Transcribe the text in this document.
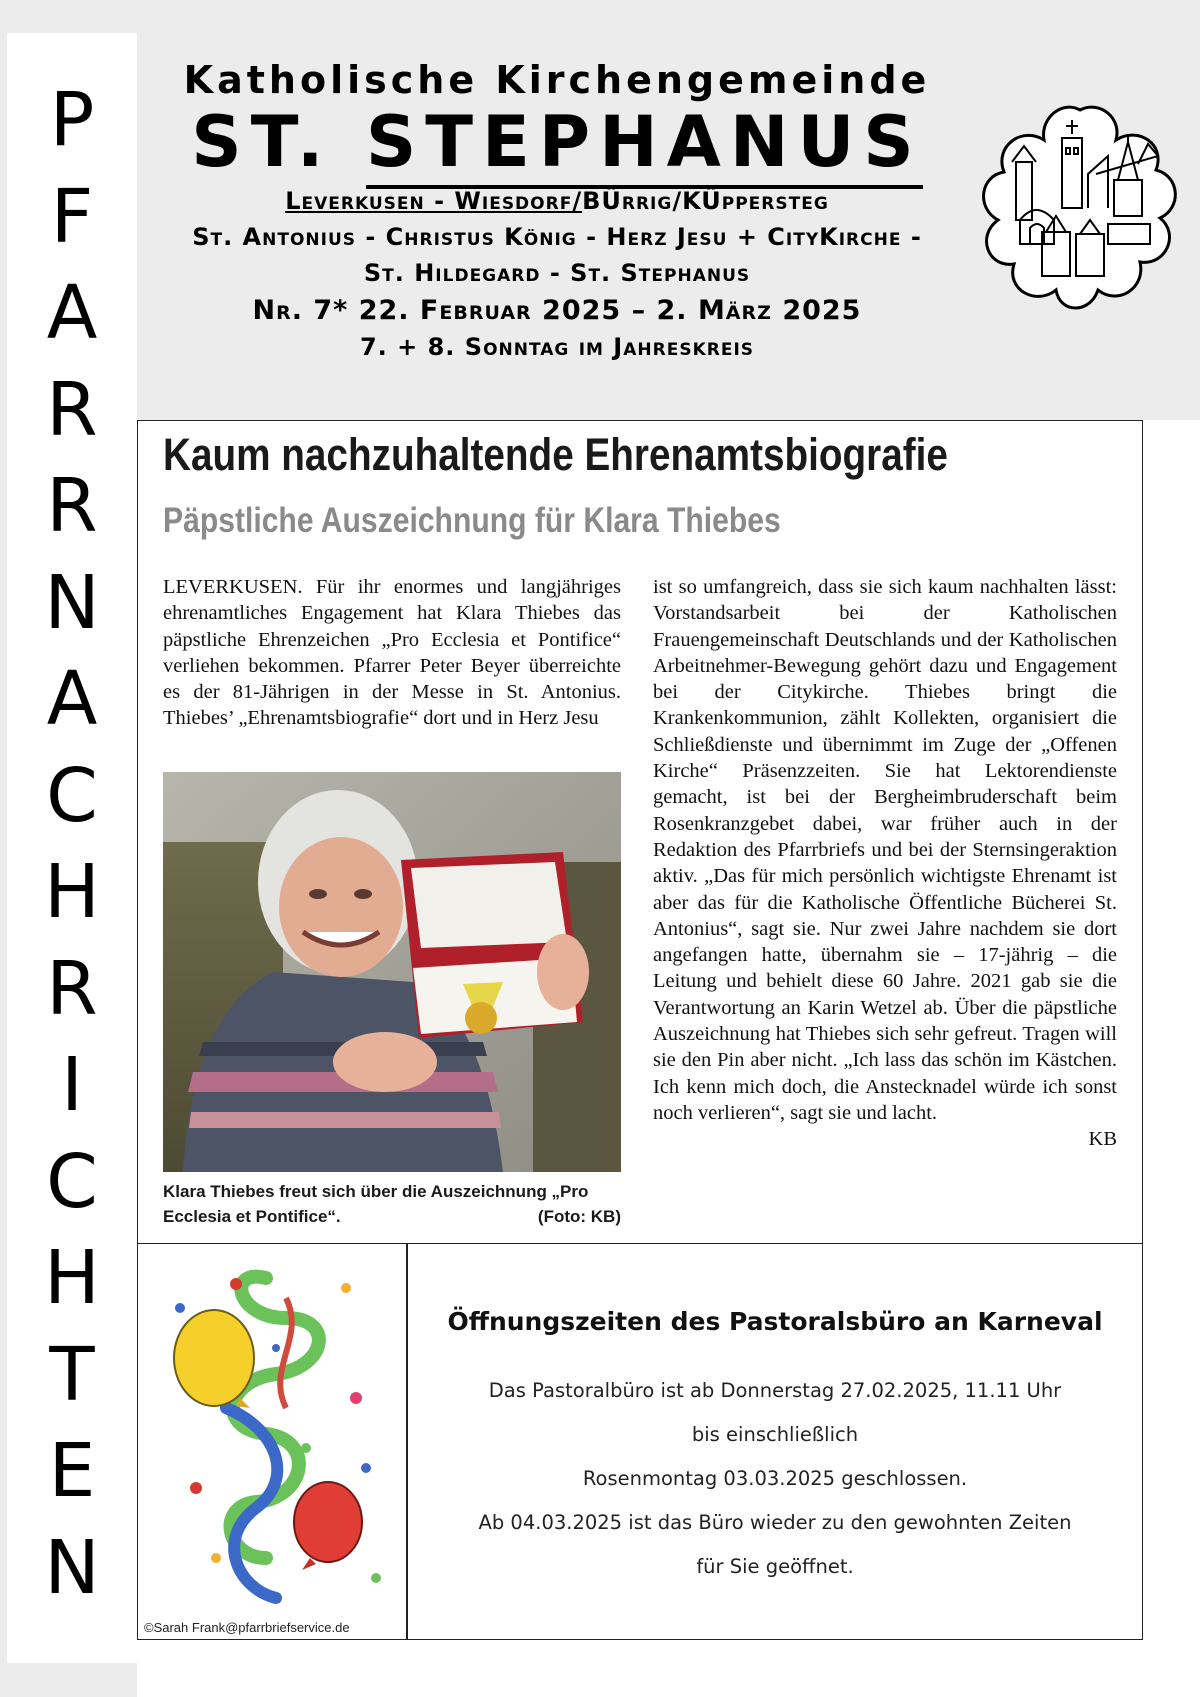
P
F
A
R
R
N
A
C
H
R
I
C
H
T
E
N
Katholische Kirchengemeinde
ST. STEPHANUS
Leverkusen - Wiesdorf/BÜrrig/KÜppersteg
St. Antonius - Christus König - Herz Jesu + CityKirche -
St. Hildegard - St. Stephanus
Nr. 7* 22. Februar 2025 – 2. März 2025
7. + 8. Sonntag im Jahreskreis
Kaum nachzuhaltende Ehrenamtsbiografie
Päpstliche Auszeichnung für Klara Thiebes
LEVERKUSEN. Für ihr enormes und langjähriges ehrenamtliches Engagement hat Klara Thiebes das päpstliche Ehrenzeichen „Pro Ecclesia et Pontifice“ verliehen bekommen. Pfarrer Peter Beyer überreichte es der 81-Jährigen in der Messe in St. Antonius. Thiebes’ „Ehrenamtsbiografie“ dort und in Herz Jesu
Klara Thiebes freut sich über die Auszeichnung „Pro Ecclesia et Pontifice“.	(Foto: KB)
ist so umfangreich, dass sie sich kaum nachhalten lässt: Vorstandsarbeit bei der Katholischen Frauengemeinschaft Deutschlands und der Katholischen Arbeitnehmer-Bewegung gehört dazu und Engagement bei der Citykirche. Thiebes bringt die Krankenkommunion, zählt Kollekten, organisiert die Schließdienste und übernimmt im Zuge der „Offenen Kirche“ Präsenzzeiten. Sie hat Lektorendienste gemacht, ist bei der Bergheimbruderschaft beim Rosenkranzgebet dabei, war früher auch in der Redaktion des Pfarrbriefs und bei der Sternsingeraktion aktiv. „Das für mich persönlich wichtigste Ehrenamt ist aber das für die Katholische Öffentliche Bücherei St. Antonius“, sagt sie. Nur zwei Jahre nachdem sie dort angefangen hatte, übernahm sie – 17-jährig – die Leitung und behielt diese 60 Jahre. 2021 gab sie die Verantwortung an Karin Wetzel ab. Über die päpstliche Auszeichnung hat Thiebes sich sehr gefreut. Tragen will sie den Pin aber nicht. „Ich lass das schön im Kästchen. Ich kenn mich doch, die Anstecknadel würde ich sonst noch verlieren“, sagt sie und lacht.
KB
©Sarah Frank@pfarrbriefservice.de
Öffnungszeiten des Pastoralsbüro an Karneval
Das Pastoralbüro ist ab Donnerstag 27.02.2025, 11.11 Uhr
bis einschließlich
Rosenmontag 03.03.2025 geschlossen.
Ab 04.03.2025 ist das Büro wieder zu den gewohnten Zeiten
für Sie geöffnet.
